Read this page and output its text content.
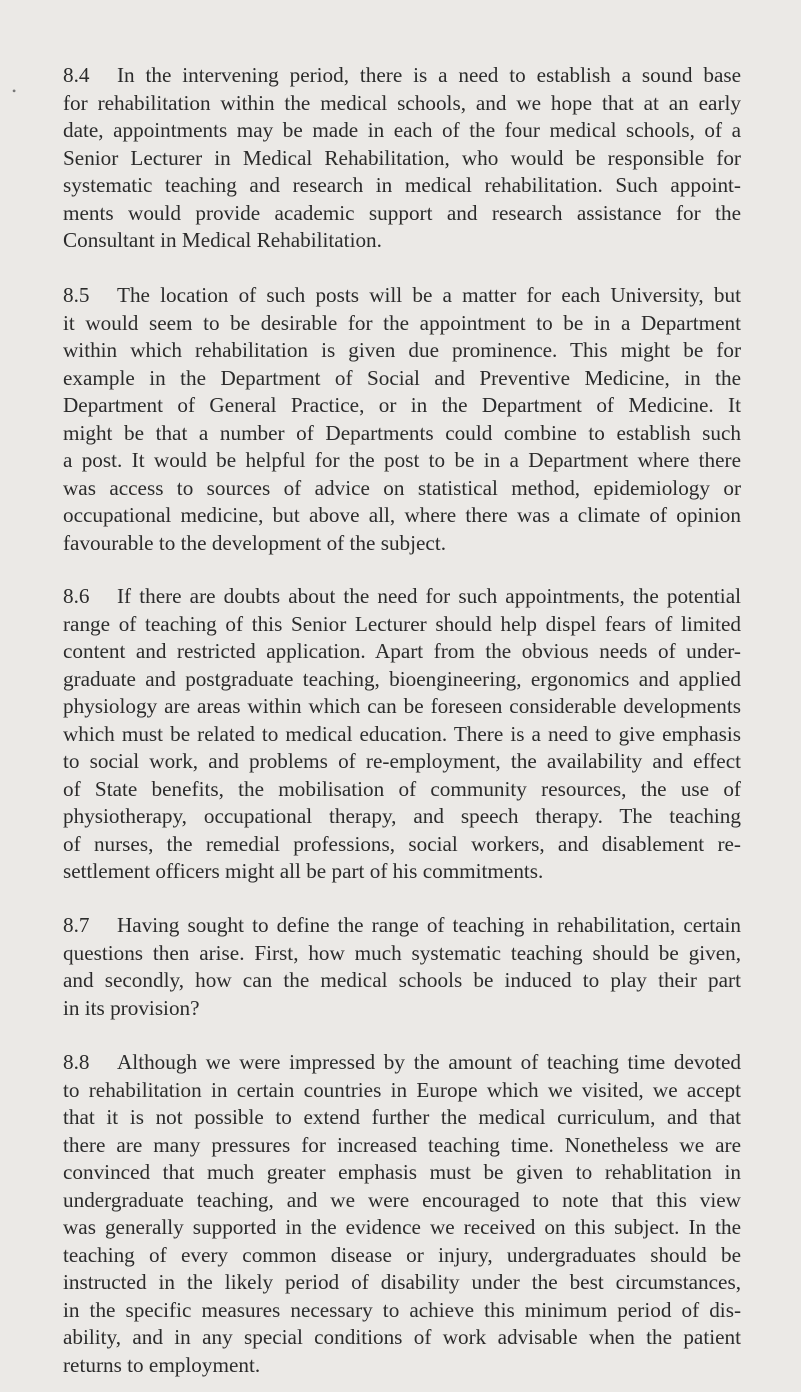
•
8.4 In the intervening period, there is a need to establish a sound base
for rehabilitation within the medical schools, and we hope that at an early
date, appointments may be made in each of the four medical schools, of a
Senior Lecturer in Medical Rehabilitation, who would be responsible for
systematic teaching and research in medical rehabilitation. Such appoint-
ments would provide academic support and research assistance for the
Consultant in Medical Rehabilitation.
8.5 The location of such posts will be a matter for each University, but
it would seem to be desirable for the appointment to be in a Department
within which rehabilitation is given due prominence. This might be for
example in the Department of Social and Preventive Medicine, in the
Department of General Practice, or in the Department of Medicine. It
might be that a number of Departments could combine to establish such
a post. It would be helpful for the post to be in a Department where there
was access to sources of advice on statistical method, epidemiology or
occupational medicine, but above all, where there was a climate of opinion
favourable to the development of the subject.
8.6 If there are doubts about the need for such appointments, the potential
range of teaching of this Senior Lecturer should help dispel fears of limited
content and restricted application. Apart from the obvious needs of under-
graduate and postgraduate teaching, bioengineering, ergonomics and applied
physiology are areas within which can be foreseen considerable developments
which must be related to medical education. There is a need to give emphasis
to social work, and problems of re-employment, the availability and effect
of State benefits, the mobilisation of community resources, the use of
physiotherapy, occupational therapy, and speech therapy. The teaching
of nurses, the remedial professions, social workers, and disablement re-
settlement officers might all be part of his commitments.
8.7 Having sought to define the range of teaching in rehabilitation, certain
questions then arise. First, how much systematic teaching should be given,
and secondly, how can the medical schools be induced to play their part
in its provision?
8.8 Although we were impressed by the amount of teaching time devoted
to rehabilitation in certain countries in Europe which we visited, we accept
that it is not possible to extend further the medical curriculum, and that
there are many pressures for increased teaching time. Nonetheless we are
convinced that much greater emphasis must be given to rehablitation in
undergraduate teaching, and we were encouraged to note that this view
was generally supported in the evidence we received on this subject. In the
teaching of every common disease or injury, undergraduates should be
instructed in the likely period of disability under the best circumstances,
in the specific measures necessary to achieve this minimum period of dis-
ability, and in any special conditions of work advisable when the patient
returns to employment.
